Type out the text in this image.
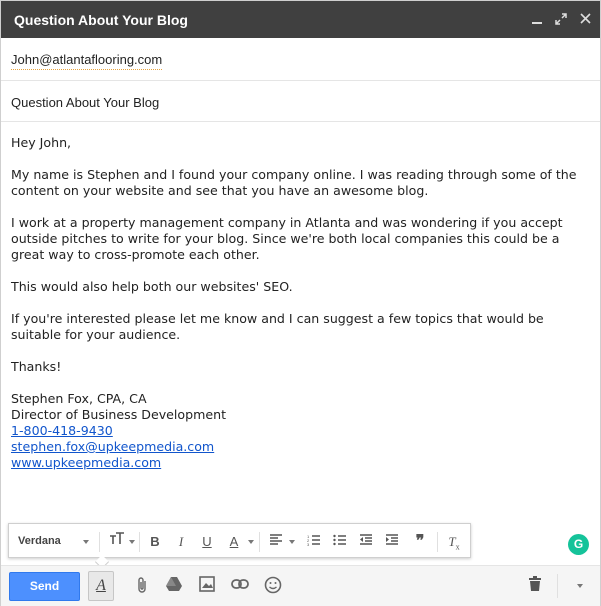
Question About Your Blog
John@atlantaflooring.com
Question About Your Blog

Hey John,

My name is Stephen and I found your company online. I was reading through some of the content on your website and see that you have an awesome blog.

I work at a property management company in Atlanta and was wondering if you accept outside pitches to write for your blog. Since we're both local companies this could be a great way to cross-promote each other.

This would also help both our websites' SEO.

If you're interested please let me know and I can suggest a few topics that would be suitable for your audience.

Thanks!

Stephen Fox, CPA, CA
Director of Business Development
1-800-418-9430
stephen.fox@upkeepmedia.com
www.upkeepmedia.com
G
Verdana	B	I	U	A	1
2
3	❞	$T_x$
Send	A
